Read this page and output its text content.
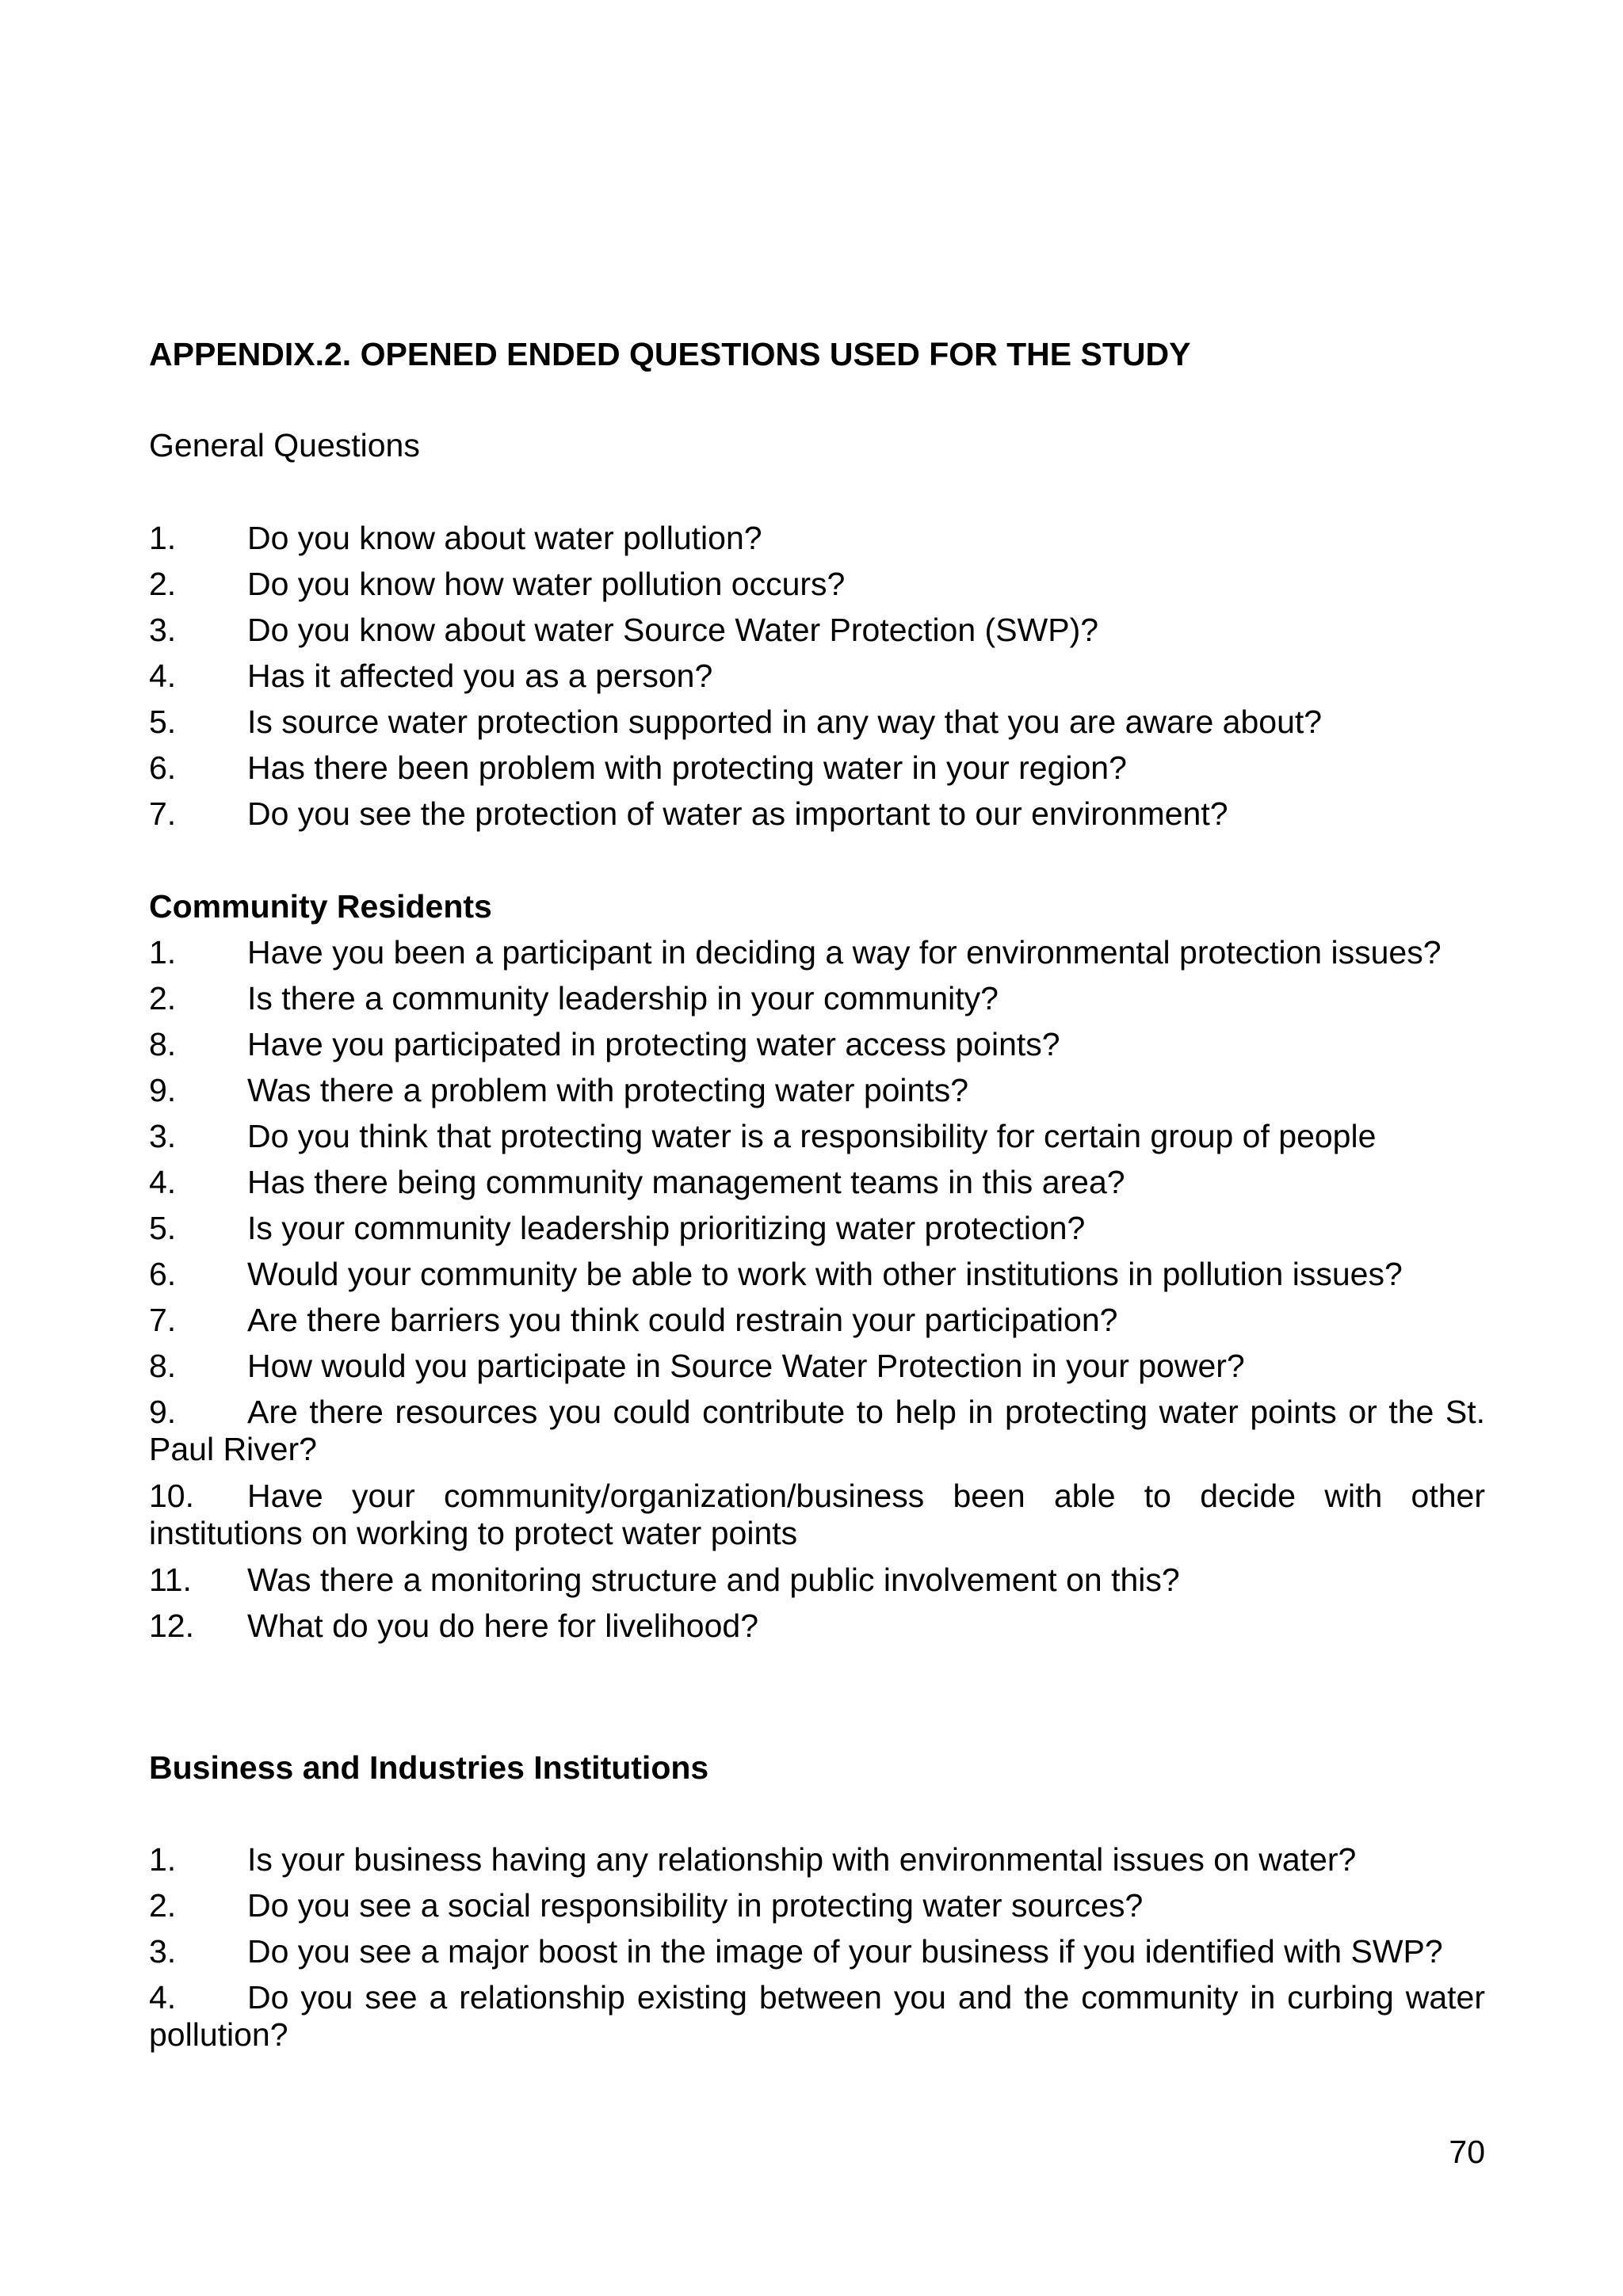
APPENDIX.2. OPENED ENDED QUESTIONS USED FOR THE STUDY
General Questions
1. Do you know about water pollution?
2. Do you know how water pollution occurs?
3. Do you know about water Source Water Protection (SWP)?
4. Has it affected you as a person?
5. Is source water protection supported in any way that you are aware about?
6. Has there been problem with protecting water in your region?
7. Do you see the protection of water as important to our environment?
Community Residents
1. Have you been a participant in deciding a way for environmental protection issues?
2. Is there a community leadership in your community?
8. Have you participated in protecting water access points?
9. Was there a problem with protecting water points?
3. Do you think that protecting water is a responsibility for certain group of people
4. Has there being community management teams in this area?
5. Is your community leadership prioritizing water protection?
6. Would your community be able to work with other institutions in pollution issues?
7. Are there barriers you think could restrain your participation?
8. How would you participate in Source Water Protection in your power?
9. Are there resources you could contribute to help in protecting water points or the St. Paul River?
10. Have your community/organization/business been able to decide with other institutions on working to protect water points
11. Was there a monitoring structure and public involvement on this?
12. What do you do here for livelihood?
Business and Industries Institutions
1. Is your business having any relationship with environmental issues on water?
2. Do you see a social responsibility in protecting water sources?
3. Do you see a major boost in the image of your business if you identified with SWP?
4. Do you see a relationship existing between you and the community in curbing water pollution?
70
